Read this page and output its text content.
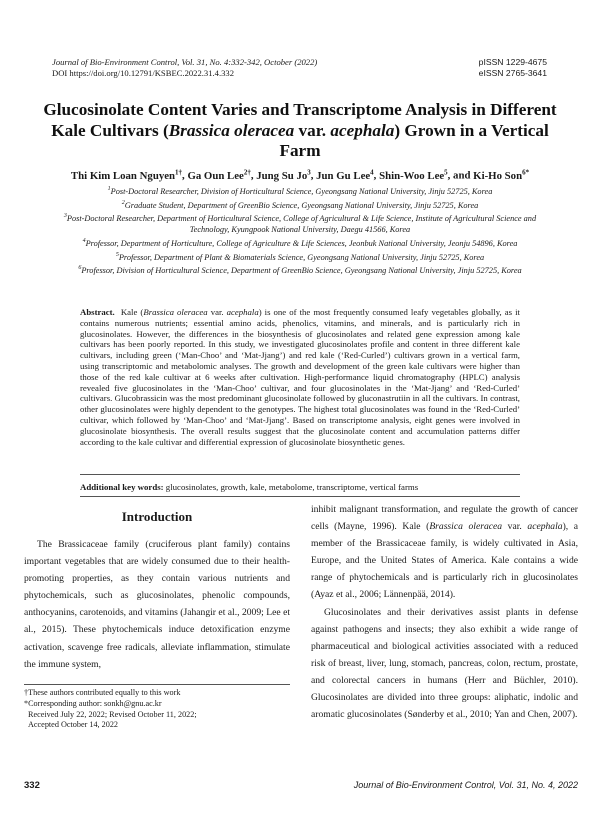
Journal of Bio-Environment Control, Vol. 31, No. 4:332-342, October (2022)
DOI https://doi.org/10.12791/KSBEC.2022.31.4.332
pISSN 1229-4675
eISSN 2765-3641
Glucosinolate Content Varies and Transcriptome Analysis in Different Kale Cultivars (Brassica oleracea var. acephala) Grown in a Vertical Farm
Thi Kim Loan Nguyen$^{1\dagger}$, Ga Oun Lee$^{2\dagger}$, Jung Su Jo$^3$, Jun Gu Lee$^4$, Shin-Woo Lee$^5$, and Ki-Ho Son$^{6*}$
$^1$Post-Doctoral Researcher, Division of Horticultural Science, Gyeongsang National University, Jinju 52725, Korea
$^2$Graduate Student, Department of GreenBio Science, Gyeongsang National University, Jinju 52725, Korea
$^3$Post-Doctoral Researcher, Department of Horticultural Science, College of Agricultural & Life Science, Institute of Agricultural Science and Technology, Kyungpook National University, Daegu 41566, Korea
$^4$Professor, Department of Horticulture, College of Agriculture & Life Sciences, Jeonbuk National University, Jeonju 54896, Korea
$^5$Professor, Department of Plant & Biomaterials Science, Gyeongsang National University, Jinju 52725, Korea
$^6$Professor, Division of Horticultural Science, Department of GreenBio Science, Gyeongsang National University, Jinju 52725, Korea
Abstract. Kale (Brassica oleracea var. acephala) is one of the most frequently consumed leafy vegetables globally, as it contains numerous nutrients; essential amino acids, phenolics, vitamins, and minerals, and is particularly rich in glucosinolates. However, the differences in the biosynthesis of glucosinolates and related gene expression among kale cultivars has been poorly reported. In this study, we investigated glucosinolates profile and content in three different kale cultivars, including green (‘Man-Choo’ and ‘Mat-Jjang’) and red kale (‘Red-Curled’) cultivars grown in a vertical farm, using transcriptomic and metabolomic analyses. The growth and development of the green kale cultivars were higher than those of the red kale cultivar at 6 weeks after cultivation. High-performance liquid chromatography (HPLC) analysis revealed five glucosinolates in the ‘Man-Choo’ cultivar, and four glucosinolates in the ‘Mat-Jjang’ and ‘Red-Curled’ cultivars. Glucobrassicin was the most predominant glucosinolate followed by gluconastrutiin in all the cultivars. In contrast, other glucosinolates were highly dependent to the genotypes. The highest total glucosinolates was found in the ‘Red-Curled’ cultivar, which followed by ‘Man-Choo’ and ‘Mat-Jjang’. Based on transcriptome analysis, eight genes were involved in glucosinolate biosynthesis. The overall results suggest that the glucosinolate content and accumulation patterns differ according to the kale cultivar and differential expression of glucosinolate biosynthetic genes.
Additional key words: glucosinolates, growth, kale, metabolome, transcriptome, vertical farms
Introduction

The Brassicaceae family (cruciferous plant family) contains important vegetables that are widely consumed due to their health-promoting properties, as they contain various nutrients and phytochemicals, such as glucosinolates, phenolic compounds, anthocyanins, carotenoids, and vitamins (Jahangir et al., 2009; Lee et al., 2015). These phytochemicals induce detoxification enzyme activation, scavenge free radicals, alleviate inflammation, stimulate the immune system,

inhibit malignant transformation, and regulate the growth of cancer cells (Mayne, 1996). Kale (Brassica oleracea var. acephala), a member of the Brassicaceae family, is widely cultivated in Asia, Europe, and the United States of America. Kale contains a wide range of phytochemicals and is particularly rich in glucosinolates (Ayaz et al., 2006; Lännenpää, 2014).

Glucosinolates and their derivatives assist plants in defense against pathogens and insects; they also exhibit a wide range of pharmaceutical and biological activities associated with a reduced risk of breast, liver, lung, stomach, pancreas, colon, rectum, prostate, and colorectal cancers in humans (Herr and Büchler, 2010). Glucosinolates are divided into three groups: aliphatic, indolic and aromatic glucosinolates (Sønderby et al., 2010; Yan and Chen, 2007).

†These authors contributed equally to this work
*Corresponding author: sonkh@gnu.ac.kr
Received July 22, 2022; Revised October 11, 2022;
Accepted October 14, 2022
332	Journal of Bio-Environment Control, Vol. 31, No. 4, 2022
